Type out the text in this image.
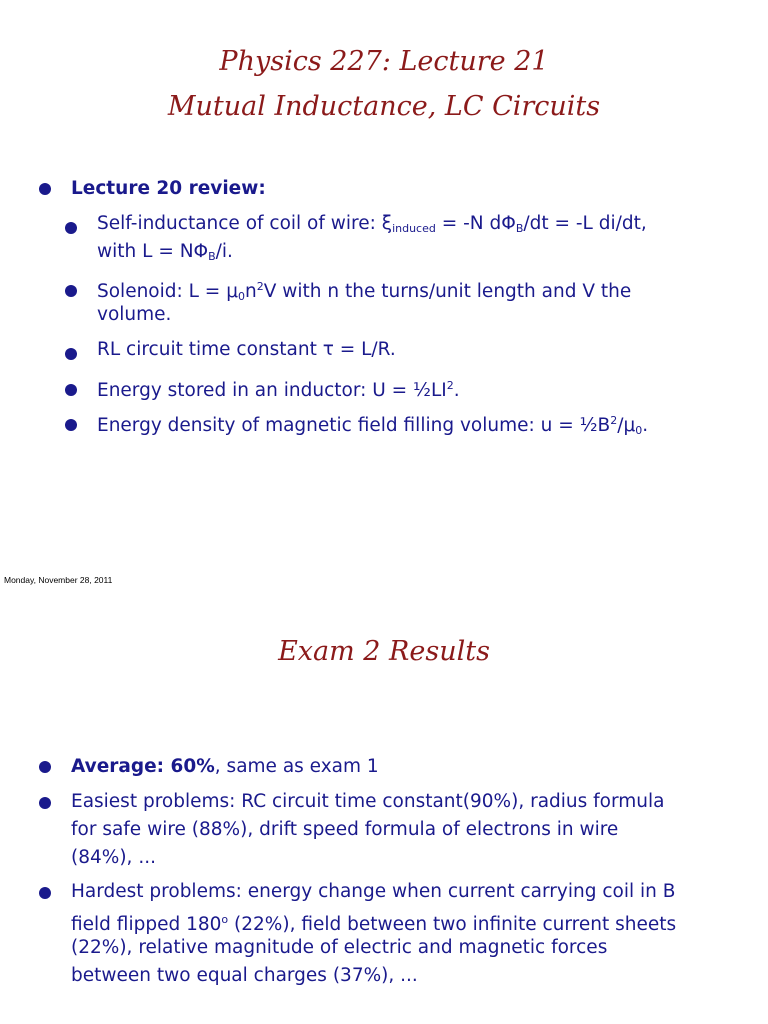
Physics 227: Lecture 21
Mutual Inductance, LC Circuits
Lecture 20 review:
Self-inductance of coil of wire: $\xi_{induced} = -N$ $d\Phi_B/dt = -L$ di/dt,
with $L = N\Phi_B/i$.
Solenoid: $L = \mu_0n^2V$ with n the turns/unit length and V the
volume.
RL circuit time constant τ = L/R.
Energy stored in an inductor: $U = \frac{1}{2}LI^2$.
Energy density of magnetic field filling volume: $u = \frac{1}{2}B^2/\mu_0$.
Monday, November 28, 2011
Exam 2 Results
Average: 60%, same as exam 1
Easiest problems: RC circuit time constant(90%), radius formula
for safe wire (88%), drift speed formula of electrons in wire
(84%), ...
Hardest problems: energy change when current carrying coil in B
field flipped 180$^o$ (22%), field between two infinite current sheets
(22%), relative magnitude of electric and magnetic forces
between two equal charges (37%), ...
